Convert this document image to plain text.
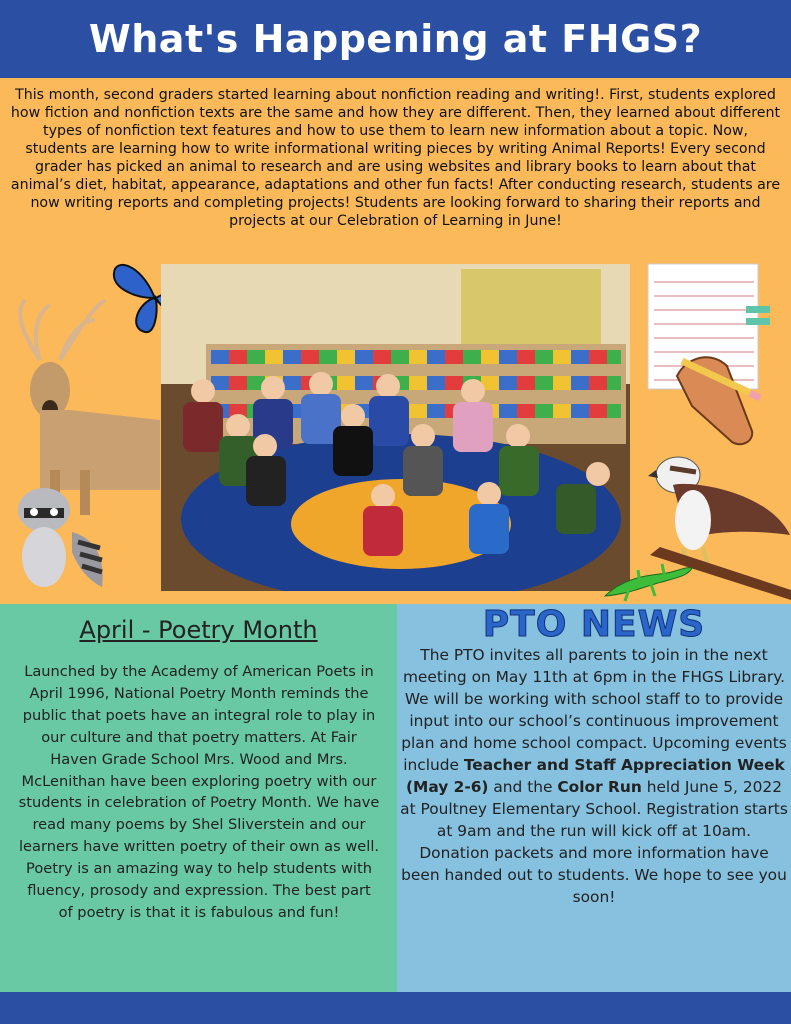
What's Happening at FHGS?
This month, second graders started learning about nonfiction reading and writing!. First, students explored how fiction and nonfiction texts are the same and how they are different. Then, they learned about different types of nonfiction text features and how to use them to learn new information about a topic. Now, students are learning how to write informational writing pieces by writing Animal Reports! Every second grader has picked an animal to research and are using websites and library books to learn about that animal’s diet, habitat, appearance, adaptations and other fun facts! After conducting research, students are now writing reports and completing projects! Students are looking forward to sharing their reports and projects at our Celebration of Learning in June!
April - Poetry Month
Launched by the Academy of American Poets in April 1996, National Poetry Month reminds the public that poets have an integral role to play in our culture and that poetry matters. At Fair Haven Grade School Mrs. Wood and Mrs. McLenithan have been exploring poetry with our students in celebration of Poetry Month. We have read many poems by Shel Sliverstein and our learners have written poetry of their own as well. Poetry is an amazing way to help students with fluency, prosody and expression. The best part of poetry is that it is fabulous and fun!
PTO NEWS
The PTO invites all parents to join in the next meeting on May 11th at 6pm in the FHGS Library. We will be working with school staff to to provide input into our school’s continuous improvement plan and home school compact. Upcoming events include Teacher and Staff Appreciation Week (May 2-6) and the Color Run held June 5, 2022 at Poultney Elementary School. Registration starts at 9am and the run will kick off at 10am. Donation packets and more information have been handed out to students. We hope to see you soon!
